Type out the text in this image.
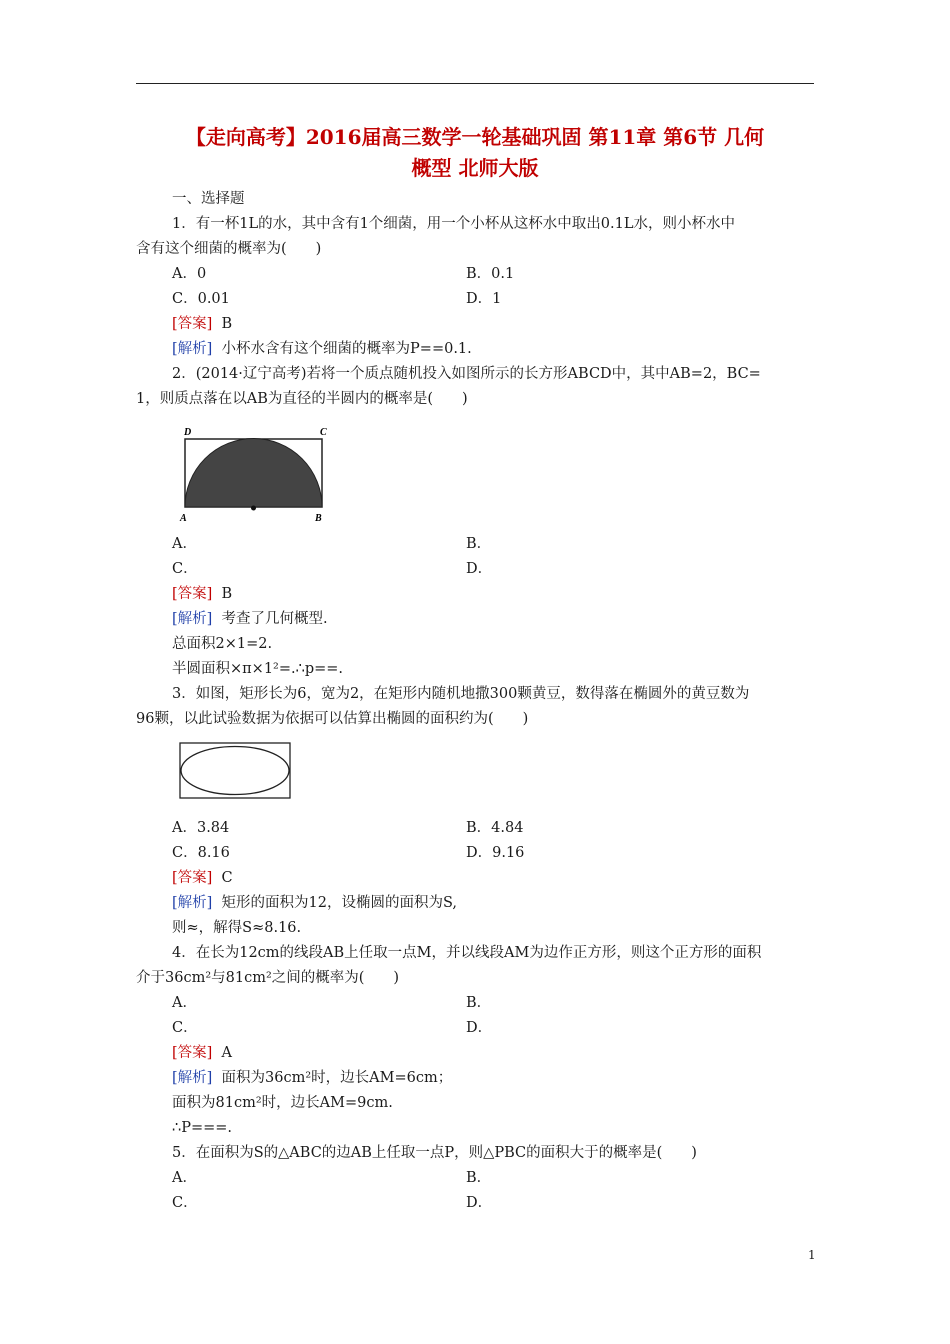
【走向高考】2016届高三数学一轮基础巩固 第11章 第6节 几何
概型 北师大版
一、选择题
1．有一杯1L的水，其中含有1个细菌，用一个小杯从这杯水中取出0.1L水，则小杯水中
含有这个细菌的概率为(　　)
A．0	B．0.1
C．0.01	D．1
[答案] B
[解析] 小杯水含有这个细菌的概率为P==0.1.
2．(2014·辽宁高考)若将一个质点随机投入如图所示的长方形ABCD中，其中AB=2，BC=
1，则质点落在以AB为直径的半圆内的概率是(　　)
D	C
A	B
A．	B．
C．	D．
[答案] B
[解析] 考查了几何概型.
总面积2×1=2.
半圆面积×π×1²=.∴p==.
3．如图，矩形长为6，宽为2，在矩形内随机地撒300颗黄豆，数得落在椭圆外的黄豆数为
96颗，以此试验数据为依据可以估算出椭圆的面积约为(　　)
A．3.84	B．4.84
C．8.16	D．9.16
[答案] C
[解析] 矩形的面积为12，设椭圆的面积为S,
则≈，解得S≈8.16.
4．在长为12cm的线段AB上任取一点M，并以线段AM为边作正方形，则这个正方形的面积
介于36cm²与81cm²之间的概率为(　　)
A．	B．
C．	D．
[答案] A
[解析] 面积为36cm²时，边长AM=6cm；
面积为81cm²时，边长AM=9cm.
∴P===.
5．在面积为S的△ABC的边AB上任取一点P，则△PBC的面积大于的概率是(　　)
A．	B．
C．	D．
1
